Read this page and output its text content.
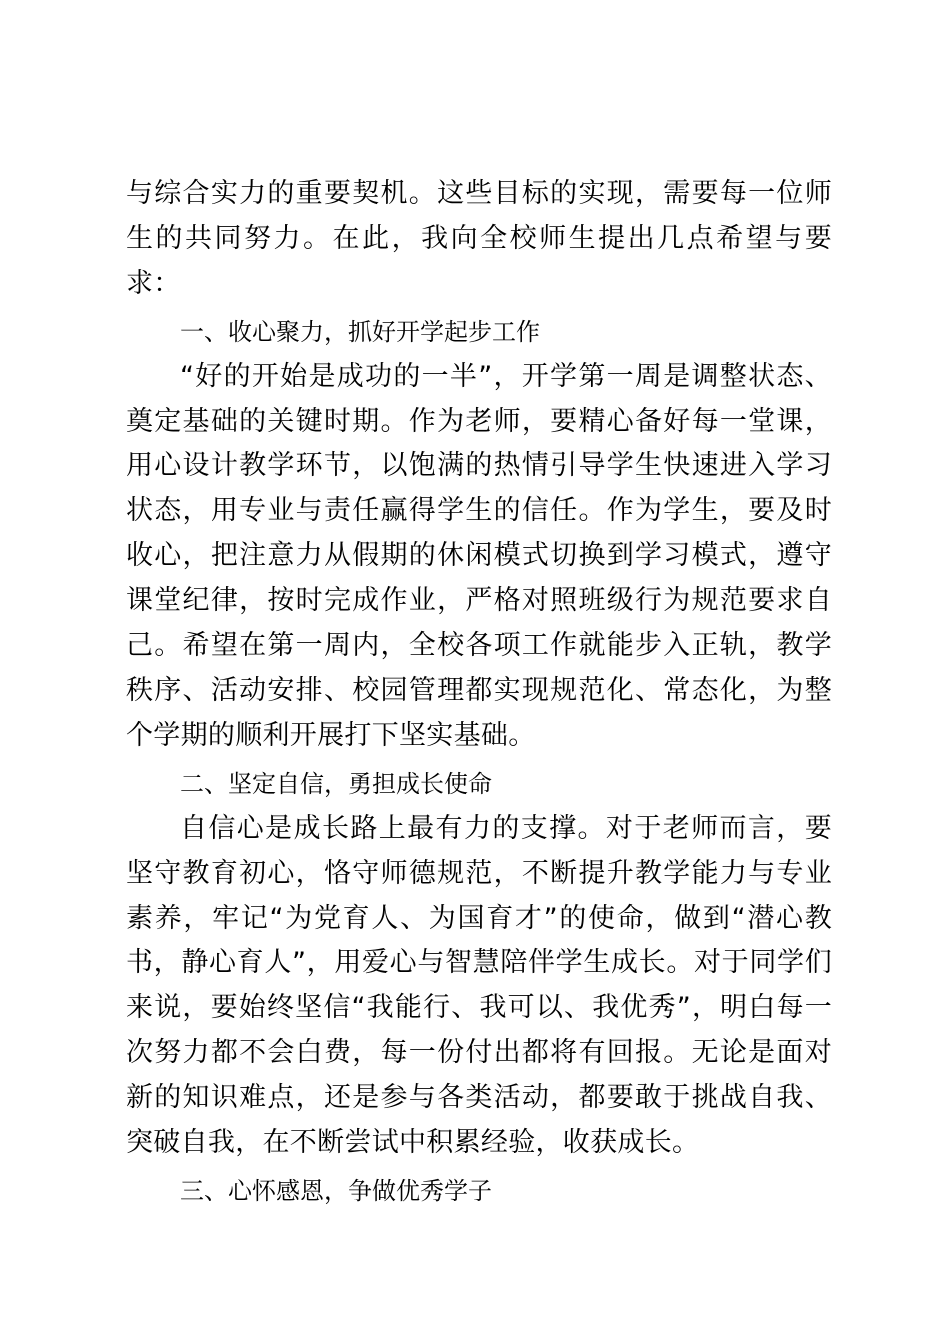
与综合实力的重要契机。这些目标的实现，需要每一位师生的共同努力。在此，我向全校师生提出几点希望与要求：

一、收心聚力，抓好开学起步工作

“好的开始是成功的一半”，开学第一周是调整状态、奠定基础的关键时期。作为老师，要精心备好每一堂课，用心设计教学环节，以饱满的热情引导学生快速进入学习状态，用专业与责任赢得学生的信任。作为学生，要及时收心，把注意力从假期的休闲模式切换到学习模式，遵守课堂纪律，按时完成作业，严格对照班级行为规范要求自己。希望在第一周内，全校各项工作就能步入正轨，教学秩序、活动安排、校园管理都实现规范化、常态化，为整个学期的顺利开展打下坚实基础。

二、坚定自信，勇担成长使命

自信心是成长路上最有力的支撑。对于老师而言，要坚守教育初心，恪守师德规范，不断提升教学能力与专业素养，牢记“为党育人、为国育才”的使命，做到“潜心教书，静心育人”，用爱心与智慧陪伴学生成长。对于同学们来说，要始终坚信“我能行、我可以、我优秀”，明白每一次努力都不会白费，每一份付出都将有回报。无论是面对新的知识难点，还是参与各类活动，都要敢于挑战自我、突破自我，在不断尝试中积累经验，收获成长。

三、心怀感恩，争做优秀学子
